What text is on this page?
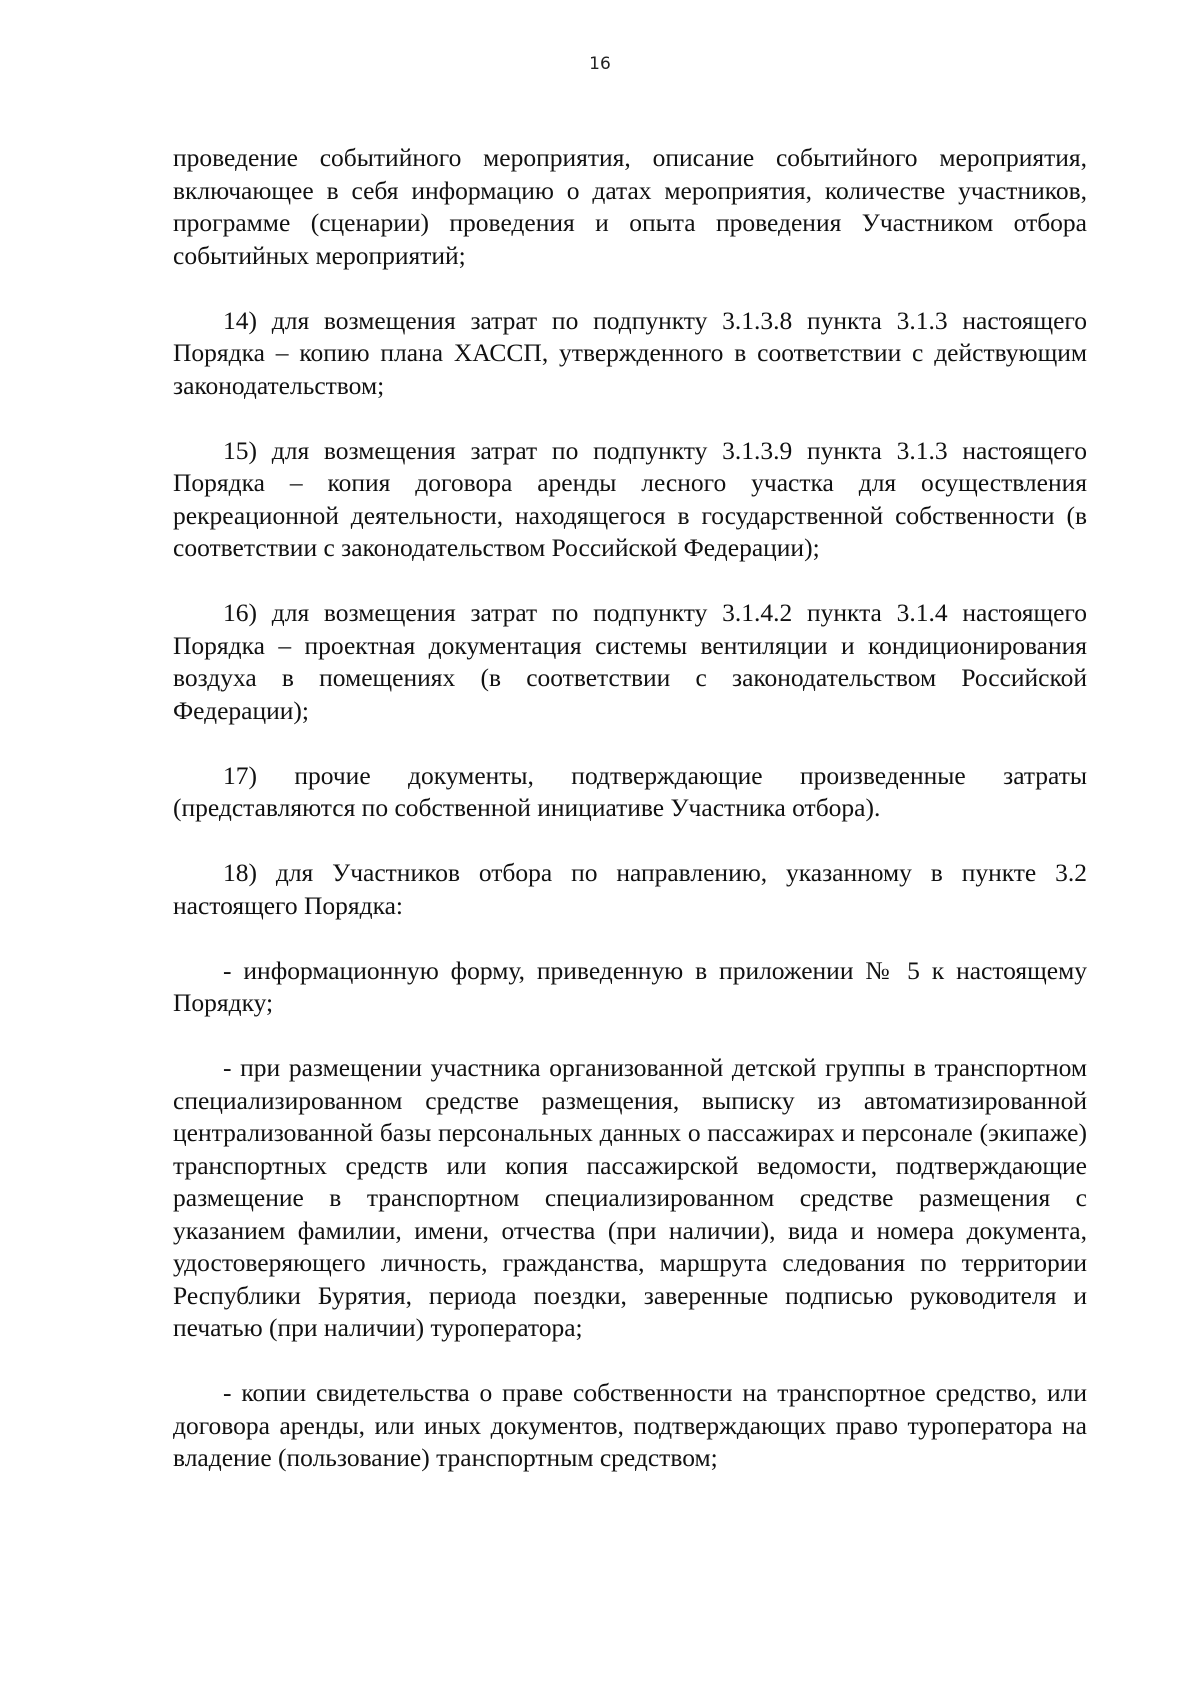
16

проведение событийного мероприятия, описание событийного мероприятия, включающее в себя информацию о датах мероприятия, количестве участников, программе (сценарии) проведения и опыта проведения Участником отбора событийных мероприятий;

14) для возмещения затрат по подпункту 3.1.3.8 пункта 3.1.3 настоящего Порядка – копию плана ХАССП, утвержденного в соответствии с действующим законодательством;

15) для возмещения затрат по подпункту 3.1.3.9 пункта 3.1.3 настоящего Порядка – копия договора аренды лесного участка для осуществления рекреационной деятельности, находящегося в государственной собственности (в соответствии с законодательством Российской Федерации);

16) для возмещения затрат по подпункту 3.1.4.2 пункта 3.1.4 настоящего Порядка – проектная документация системы вентиляции и кондиционирования воздуха в помещениях (в соответствии с законодательством Российской Федерации);

17) прочие документы, подтверждающие произведенные затраты (представляются по собственной инициативе Участника отбора).

18) для Участников отбора по направлению, указанному в пункте 3.2 настоящего Порядка:

- информационную форму, приведенную в приложении № 5 к настоящему Порядку;

- при размещении участника организованной детской группы в транспортном специализированном средстве размещения, выписку из автоматизированной централизованной базы персональных данных о пассажирах и персонале (экипаже) транспортных средств или копия пассажирской ведомости, подтверждающие размещение в транспортном специализированном средстве размещения с указанием фамилии, имени, отчества (при наличии), вида и номера документа, удостоверяющего личность, гражданства, маршрута следования по территории Республики Бурятия, периода поездки, заверенные подписью руководителя и печатью (при наличии) туроператора;

- копии свидетельства о праве собственности на транспортное средство, или договора аренды, или иных документов, подтверждающих право туроператора на владение (пользование) транспортным средством;
